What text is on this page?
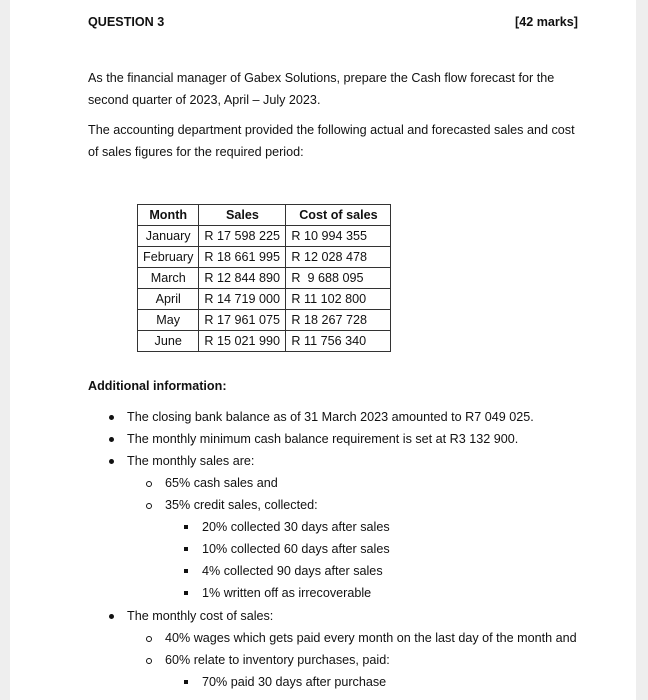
QUESTION 3	[42 marks]
As the financial manager of Gabex Solutions, prepare the Cash flow forecast for the
second quarter of 2023, April – July 2023.
The accounting department provided the following actual and forecasted sales and cost
of sales figures for the required period:
Month	Sales	Cost of sales
January	R 17 598 225	R 10 994 355
February	R 18 661 995	R 12 028 478
March	R 12 844 890	R  9 688 095
April	R 14 719 000	R 11 102 800
May	R 17 961 075	R 18 267 728
June	R 15 021 990	R 11 756 340
Additional information:
The closing bank balance as of 31 March 2023 amounted to R7 049 025.
The monthly minimum cash balance requirement is set at R3 132 900.
The monthly sales are:
65% cash sales and
35% credit sales, collected:
20% collected 30 days after sales
10% collected 60 days after sales
4% collected 90 days after sales
1% written off as irrecoverable
The monthly cost of sales:
40% wages which gets paid every month on the last day of the month and
60% relate to inventory purchases, paid:
70% paid 30 days after purchase
